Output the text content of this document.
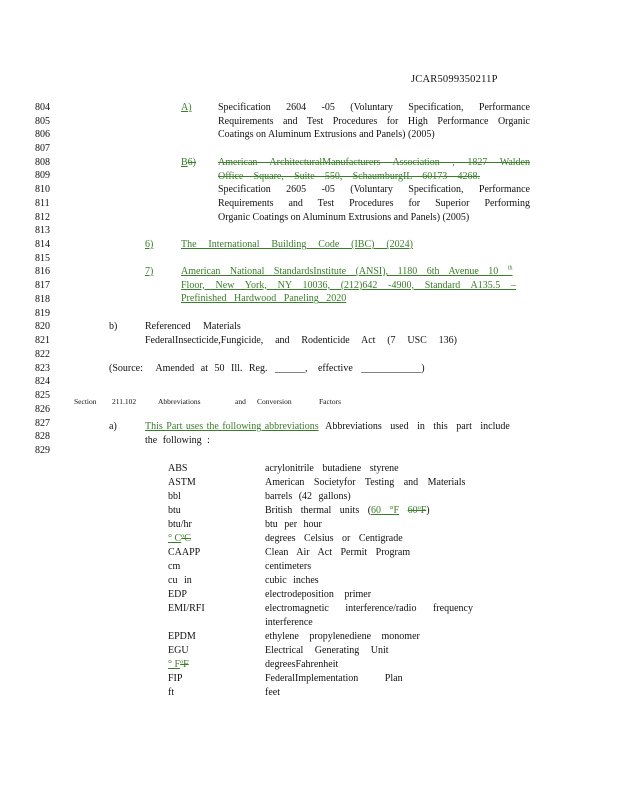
JCAR5099350211P
804
805
806
807
808
809
810
811
812
813
814
815
816
817
818
819
820
821
822
823
824
825
826
827
828
829
A)	Specification 2604 -05 (Voluntary Specification, Performance
Requirements and Test Procedures for High Performance Organic
Coatings on Aluminum Extrusions and Panels) (2005)
B6) American ArchitecturalManufacturers Association , 1827 Walden
Office Square, Suite 550, SchaumburgIL 60173 4268.
Specification 2605 -05 (Voluntary Specification, Performance
Requirements and Test Procedures for Superior Performing
Organic Coatings on Aluminum Extrusions and Panels) (2005)
6)	The International Building Code (IBC) (2024)
7)	American National StandardsInstitute (ANSI), 1180 6th Avenue 10 $^{th}$
Floor, New York, NY 10036, (212)642 -4900, Standard A135.5 –
Prefinished Hardwood Paneling 2020
b)	Referenced Materials
FederalInsecticide,Fungicide, and Rodenticide Act (7 USC 136)
(Source: Amended at 50 Ill. Reg. ______, effective ____________)
Section 211.102	Abbreviations	and Conversion	Factors
a)	This Part uses the following abbreviations Abbreviations used in this part include
the following :
ABS	acrylonitrile butadiene styrene
ASTM	American Societyfor Testing and Materials
bbl	barrels (42 gallons)
btu	British thermal units (60 °F 60ºF)
btu/hr	btu per hour
° CºC	degrees Celsius or Centigrade
CAAPP	Clean Air Act Permit Program
cm	centimeters
cu in	cubic inches
EDP	electrodeposition primer
EMI/RFI	electromagnetic interference/radio frequency
interference
EPDM	ethylene propylenediene monomer
EGU	Electrical Generating Unit
° FºF	degreesFahrenheit
FIP	FederalImplementation Plan
ft	feet
